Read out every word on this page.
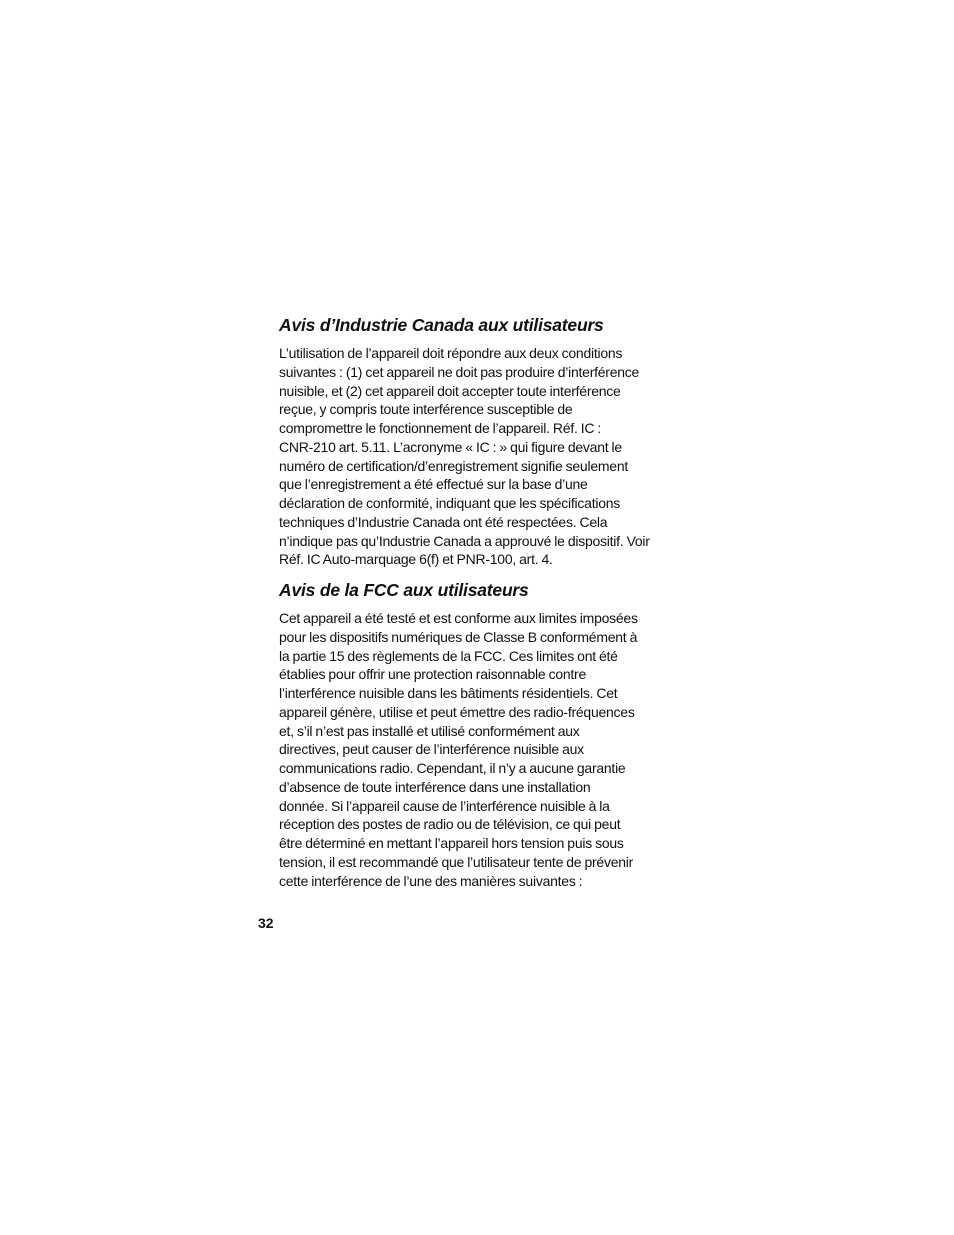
Avis d’Industrie Canada aux utilisateurs

L’utilisation de l’appareil doit répondre aux deux conditions
suivantes : (1) cet appareil ne doit pas produire d’interférence
nuisible, et (2) cet appareil doit accepter toute interférence
reçue, y compris toute interférence susceptible de
compromettre le fonctionnement de l’appareil. Réf. IC :
CNR-210 art. 5.11. L’acronyme « IC : » qui figure devant le
numéro de certification/d’enregistrement signifie seulement
que l’enregistrement a été effectué sur la base d’une
déclaration de conformité, indiquant que les spécifications
techniques d’Industrie Canada ont été respectées. Cela
n’indique pas qu’Industrie Canada a approuvé le dispositif. Voir
Réf. IC Auto-marquage 6(f) et PNR-100, art. 4.

Avis de la FCC aux utilisateurs

Cet appareil a été testé et est conforme aux limites imposées
pour les dispositifs numériques de Classe B conformément à
la partie 15 des règlements de la FCC. Ces limites ont été
établies pour offrir une protection raisonnable contre
l’interférence nuisible dans les bâtiments résidentiels. Cet
appareil génère, utilise et peut émettre des radio-fréquences
et, s’il n’est pas installé et utilisé conformément aux
directives, peut causer de l’interférence nuisible aux
communications radio. Cependant, il n’y a aucune garantie
d’absence de toute interférence dans une installation
donnée. Si l’appareil cause de l’interférence nuisible à la
réception des postes de radio ou de télévision, ce qui peut
être déterminé en mettant l’appareil hors tension puis sous
tension, il est recommandé que l’utilisateur tente de prévenir
cette interférence de l’une des manières suivantes :

32
